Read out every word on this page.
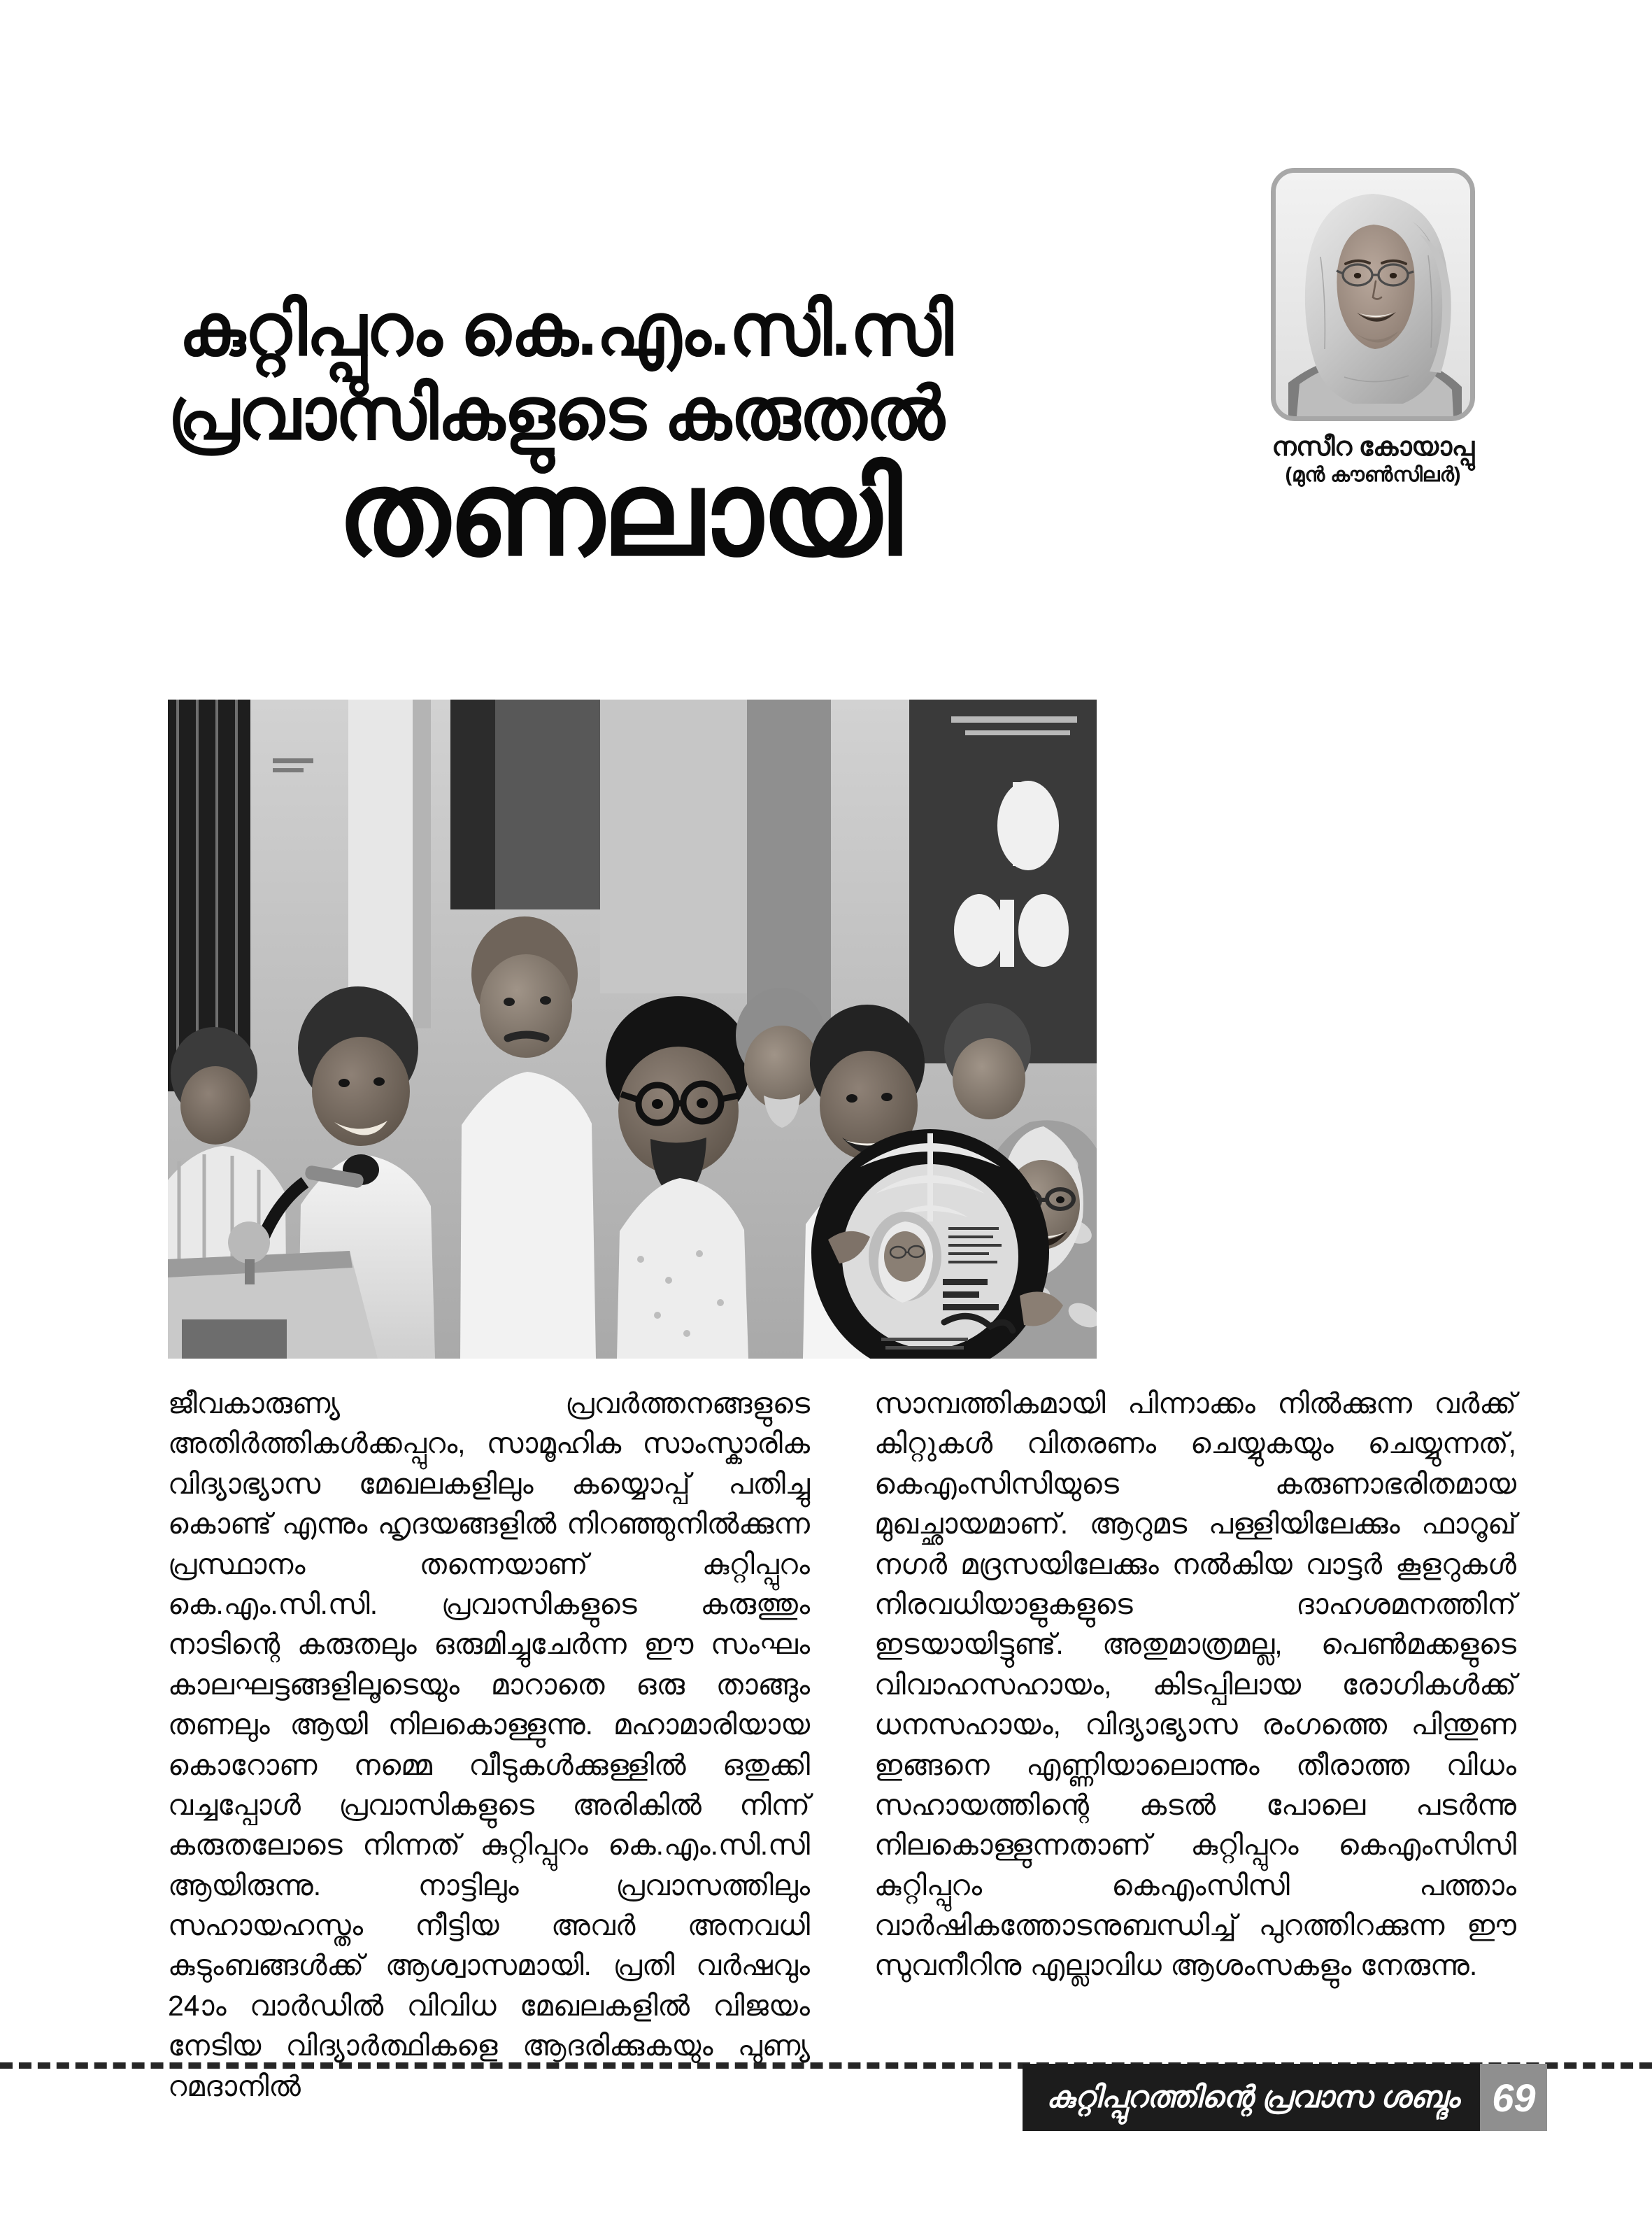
നസീറ കോയാപ്പു
(മുൻ കൗൺസിലർ)
കുറ്റിപ്പുറം കെ.എം.സി.സി
പ്രവാസികളുടെ കരുതൽ
തണലായി

ജീവകാരുണ്യ പ്രവർത്തനങ്ങളുടെ അതിർത്തികൾക്കപ്പുറം, സാമൂഹിക സാംസ്കാരിക വിദ്യാഭ്യാസ മേഖലകളിലും കയ്യൊപ്പ് പതിച്ചു കൊണ്ട് എന്നും ഹൃദയങ്ങളിൽ നിറഞ്ഞുനിൽക്കുന്ന പ്രസ്ഥാനം തന്നെയാണ് കുറ്റിപ്പുറം കെ.എം.സി.സി. പ്രവാസികളുടെ കരുത്തും നാടിന്റെ കരുതലും ഒരുമിച്ചുചേർന്ന ഈ സംഘം കാലഘട്ടങ്ങളിലൂടെയും മാറാതെ ഒരു താങ്ങും തണലും ആയി നിലകൊള്ളുന്നു. മഹാമാരിയായ കൊറോണ നമ്മെ വീടുകൾക്കുള്ളിൽ ഒതുക്കി വച്ചപ്പോൾ പ്രവാസികളുടെ അരികിൽ നിന്ന് കരുതലോടെ നിന്നത് കുറ്റിപ്പുറം കെ.എം.സി.സി ആയിരുന്നു. നാട്ടിലും പ്രവാസത്തിലും സഹായഹസ്തം നീട്ടിയ അവർ അനവധി കുടുംബങ്ങൾക്ക് ആശ്വാസമായി. പ്രതി വർഷവും 24ാം വാർഡിൽ വിവിധ മേഖലകളിൽ വിജയം നേടിയ വിദ്യാർത്ഥികളെ ആദരിക്കുകയും പുണ്യ റമദാനിൽ

സാമ്പത്തികമായി പിന്നാക്കം നിൽക്കുന്ന വർക്ക് കിറ്റുകൾ വിതരണം ചെയ്യുകയും ചെയ്യുന്നത്, കെഎംസിസിയുടെ കരുണാഭരിതമായ മുഖച്ഛായമാണ്. ആറുമട പള്ളിയിലേക്കും ഫാറൂഖ് നഗർ മദ്രസയിലേക്കും നൽകിയ വാട്ടർ കൂളറുകൾ നിരവധിയാളുകളുടെ ദാഹശമനത്തിന് ഇടയായിട്ടുണ്ട്. അതുമാത്രമല്ല, പെൺമക്കളുടെ വിവാഹസഹായം, കിടപ്പിലായ രോഗികൾക്ക് ധനസഹായം, വിദ്യാഭ്യാസ രംഗത്തെ പിന്തുണ ഇങ്ങനെ എണ്ണിയാലൊന്നും തീരാത്ത വിധം സഹായത്തിന്റെ കടൽ പോലെ പടർന്നു നിലകൊള്ളുന്നതാണ് കുറ്റിപ്പുറം കെഎംസിസി കുറ്റിപ്പുറം കെഎംസിസി പത്താം വാർഷികത്തോടനുബന്ധിച്ച് പുറത്തിറക്കുന്ന ഈ സുവനീറിനു എല്ലാവിധ ആശംസകളും നേരുന്നു.

കുറ്റിപ്പുറത്തിന്റെ പ്രവാസ ശബ്ദം 69
